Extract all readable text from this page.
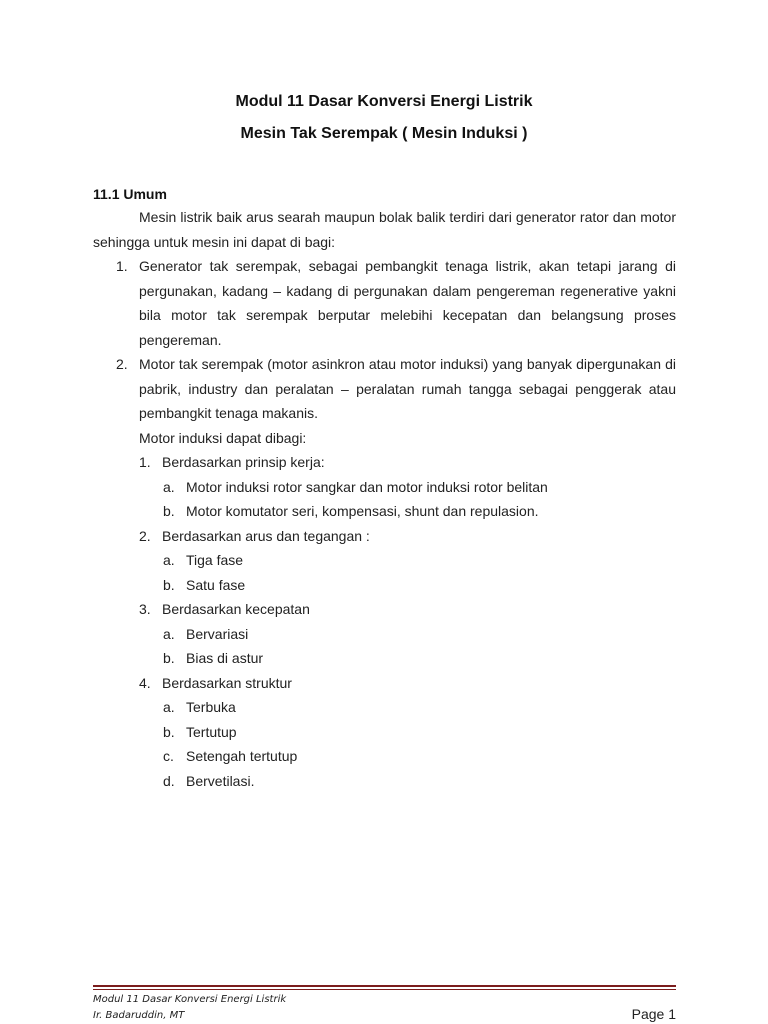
Modul 11 Dasar Konversi Energi Listrik
Mesin Tak Serempak ( Mesin Induksi )
11.1 Umum

Mesin listrik baik arus searah maupun bolak balik terdiri dari generator rator dan motor sehingga untuk mesin ini dapat di bagi:

1. Generator tak serempak, sebagai pembangkit tenaga listrik, akan tetapi jarang di pergunakan, kadang – kadang di pergunakan dalam pengereman regenerative yakni bila motor tak serempak berputar melebihi kecepatan dan belangsung proses pengereman.
2. Motor tak serempak (motor asinkron atau motor induksi) yang banyak dipergunakan di pabrik, industry dan peralatan – peralatan rumah tangga sebagai penggerak atau pembangkit tenaga makanis.
Motor induksi dapat dibagi:
1. Berdasarkan prinsip kerja:
a. Motor induksi rotor sangkar dan motor induksi rotor belitan
b. Motor komutator seri, kompensasi, shunt dan repulasion.
2. Berdasarkan arus dan tegangan :
a. Tiga fase
b. Satu fase
3. Berdasarkan kecepatan
a. Bervariasi
b. Bias di astur
4. Berdasarkan struktur
a. Terbuka
b. Tertutup
c. Setengah tertutup
d. Bervetilasi.
Modul 11 Dasar Konversi Energi Listrik
Ir. Badaruddin, MT	Page 1
